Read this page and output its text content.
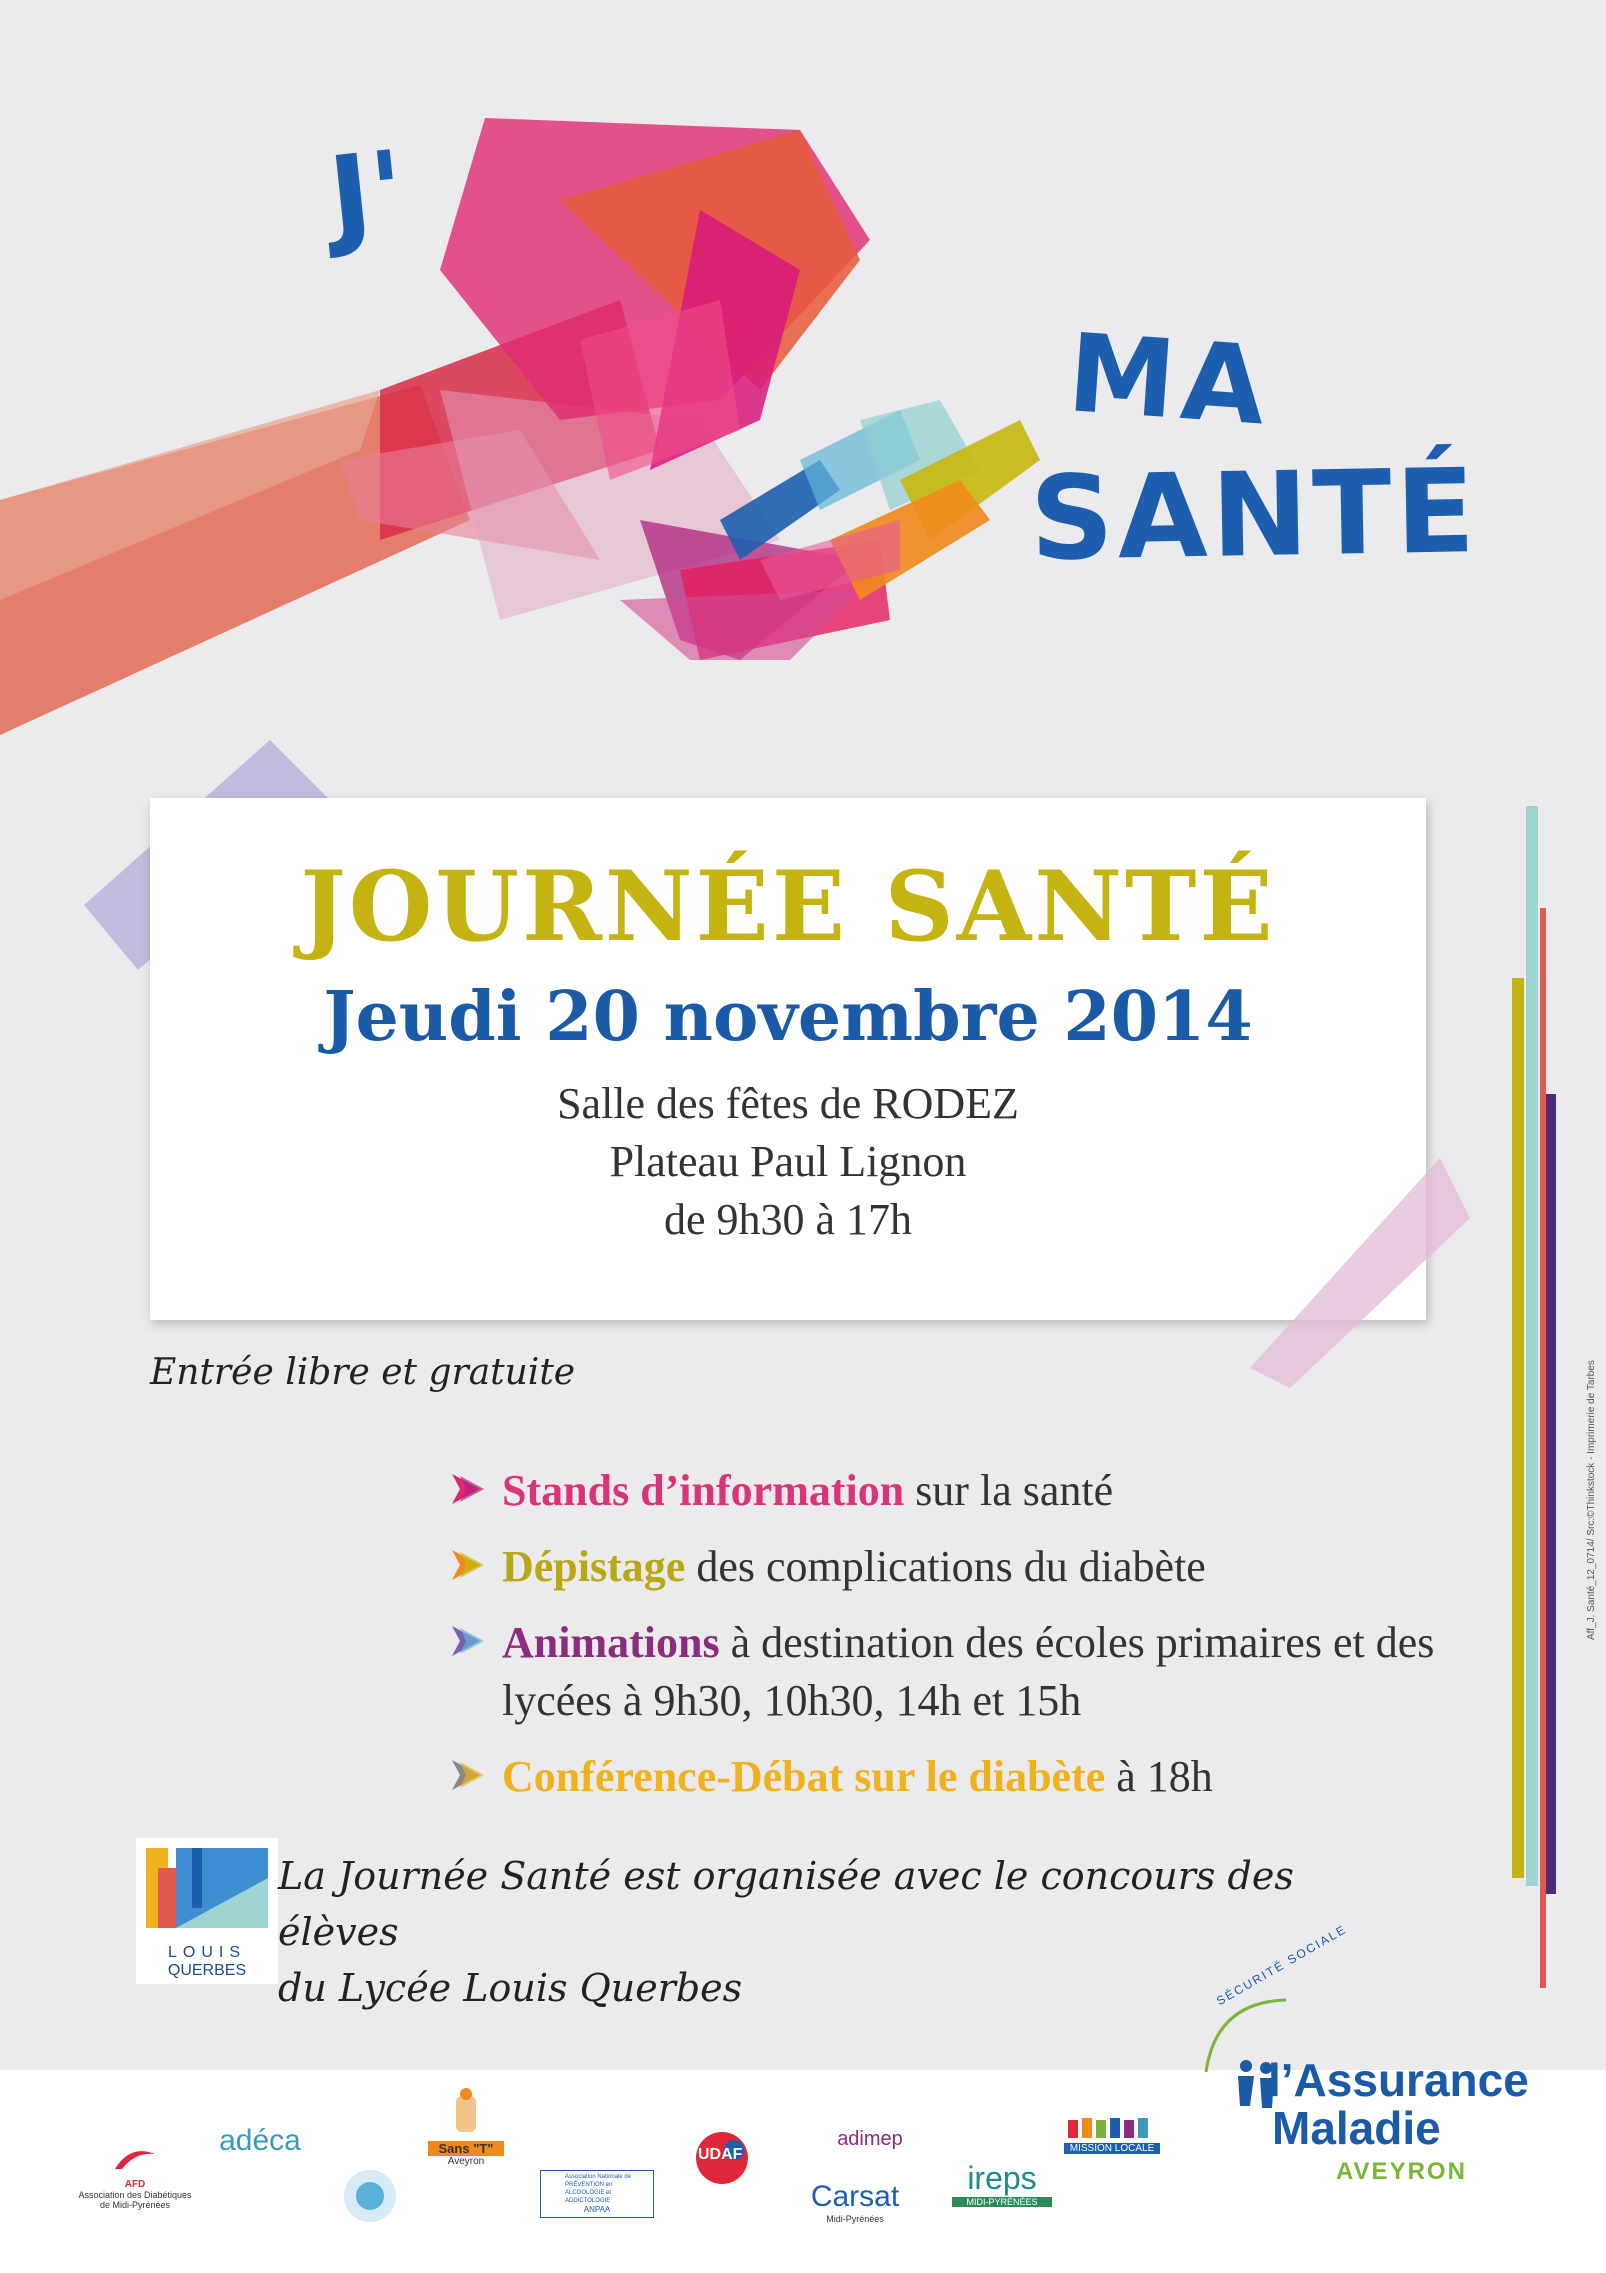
J'
MA
SANTÉ
JOURNÉE SANTÉ
Jeudi 20 novembre 2014
Salle des fêtes de RODEZ
Plateau Paul Lignon
de 9h30 à 17h
Entrée libre et gratuite
Stands d’information sur la santé
Dépistage des complications du diabète
Animations à destination des écoles primaires et des lycées à 9h30, 10h30, 14h et 15h
Conférence-Débat sur le diabète à 18h
LOUIS
QUERBES
La Journée Santé est organisée avec le concours des élèves
du Lycée Louis Querbes
Aff_J. Santé_12_0714/ Src:©Thinkstock - Imprimerie de Tarbes
AFD
Association des Diabétiques
de Midi-Pyrénées
adéca	Sans "T"
Aveyron
Association Nationale de PRÉVENTION en ALCOOLOGIE et ADDICTOLOGIE
ANPAA
UDAF
adimep
Carsat
Midi-Pyrénées
ireps
MIDI-PYRÉNÉES
MISSION LOCALE
SÉCURITÉ SOCIALE
l’Assurance
Maladie
AVEYRON
